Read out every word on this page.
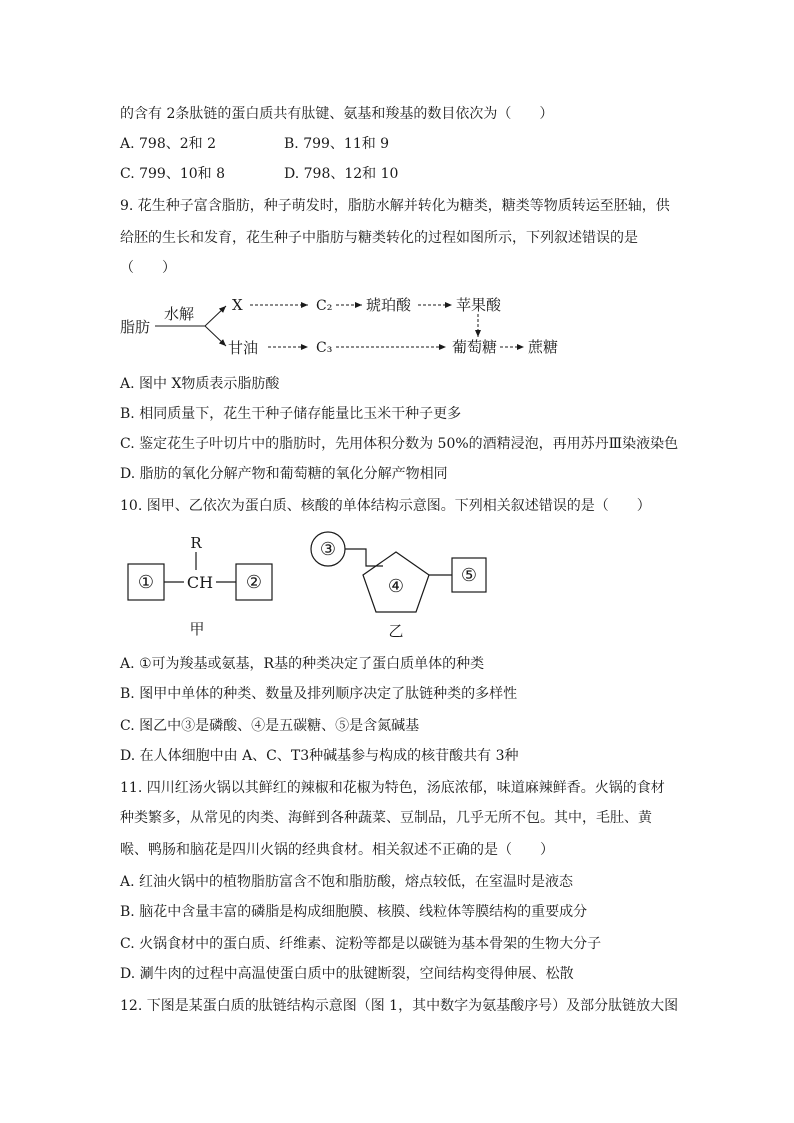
的含有 2条肽链的蛋白质共有肽键、氨基和羧基的数目依次为（　　）
A. 798、2和 2	B. 799、11和 9
C. 799、10和 8	D. 798、12和 10
9. 花生种子富含脂肪，种子萌发时，脂肪水解并转化为糖类，糖类等物质转运至胚轴，供
给胚的生长和发育，花生种子中脂肪与糖类转化的过程如图所示，下列叙述错误的是
（　　）
脂肪
水解	X
甘油
C₂ 琥珀酸	苹果酸
C₃	葡萄糖 蔗糖
A. 图中 X物质表示脂肪酸
B. 相同质量下，花生干种子储存能量比玉米干种子更多
C. 鉴定花生子叶切片中的脂肪时，先用体积分数为 50%的酒精浸泡，再用苏丹Ⅲ染液染色
D. 脂肪的氧化分解产物和葡萄糖的氧化分解产物相同
10. 图甲、乙依次为蛋白质、核酸的单体结构示意图。下列相关叙述错误的是（　　）
① CH ②
R
甲
③
④
⑤
乙
A. ①可为羧基或氨基，R基的种类决定了蛋白质单体的种类
B. 图甲中单体的种类、数量及排列顺序决定了肽链种类的多样性
C. 图乙中③是磷酸、④是五碳糖、⑤是含氮碱基
D. 在人体细胞中由 A、C、T3种碱基参与构成的核苷酸共有 3种
11. 四川红汤火锅以其鲜红的辣椒和花椒为特色，汤底浓郁，味道麻辣鲜香。火锅的食材
种类繁多，从常见的肉类、海鲜到各种蔬菜、豆制品，几乎无所不包。其中，毛肚、黄
喉、鸭肠和脑花是四川火锅的经典食材。相关叙述不正确的是（　　）
A. 红油火锅中的植物脂肪富含不饱和脂肪酸，熔点较低，在室温时是液态
B. 脑花中含量丰富的磷脂是构成细胞膜、核膜、线粒体等膜结构的重要成分
C. 火锅食材中的蛋白质、纤维素、淀粉等都是以碳链为基本骨架的生物大分子
D. 涮牛肉的过程中高温使蛋白质中的肽键断裂，空间结构变得伸展、松散
12. 下图是某蛋白质的肽链结构示意图（图 1，其中数字为氨基酸序号）及部分肽链放大图
